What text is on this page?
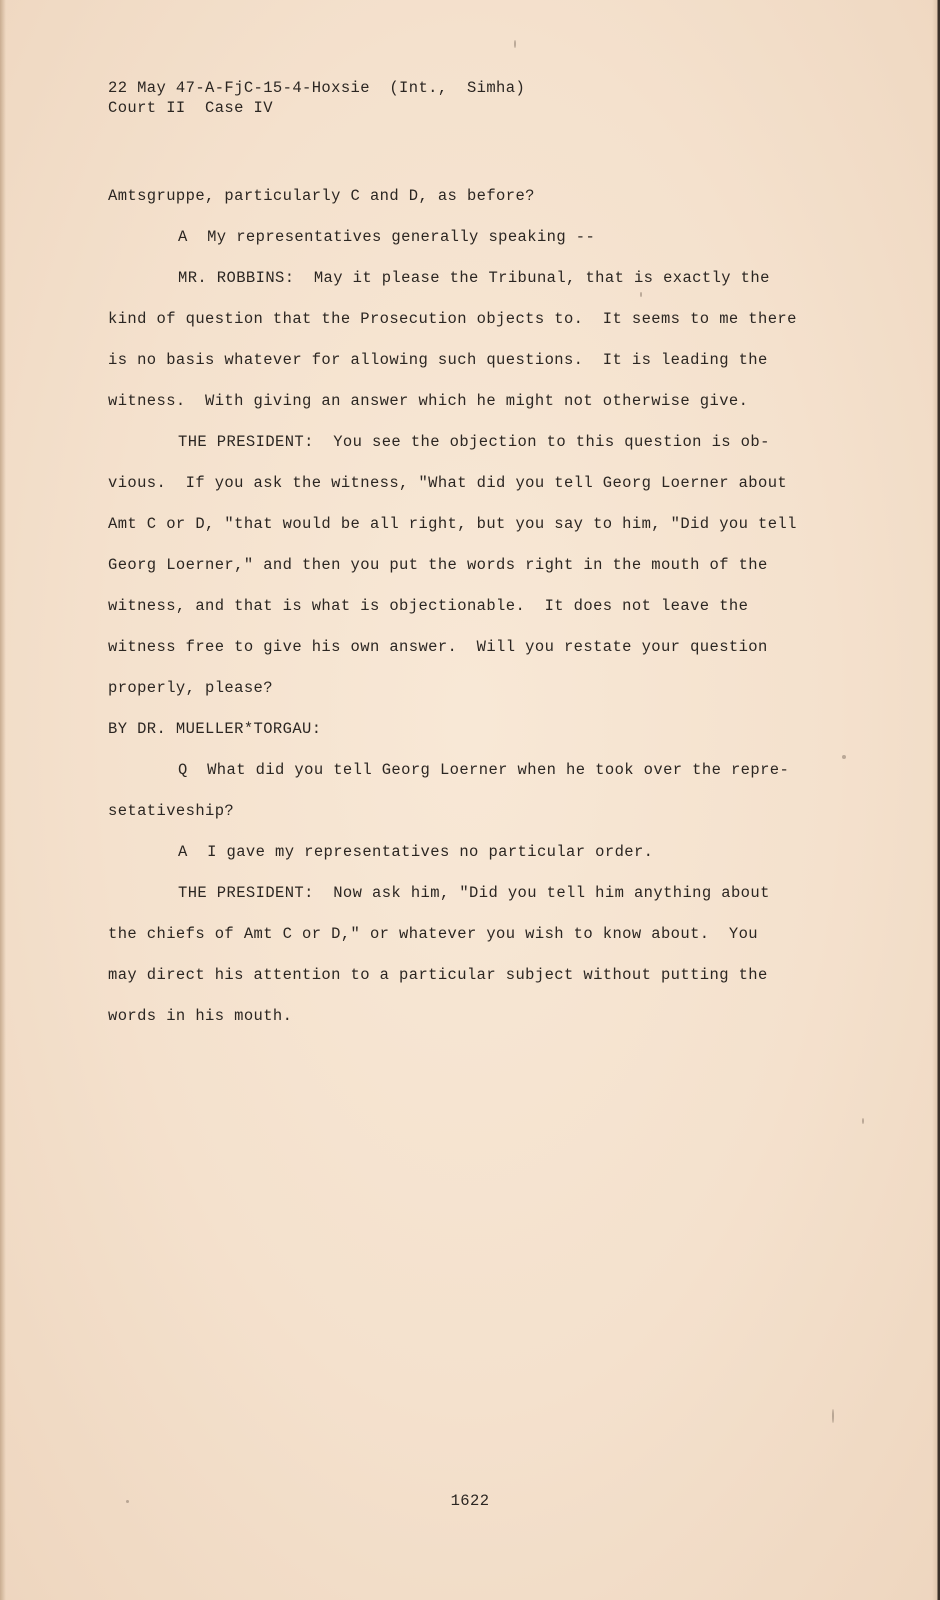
22 May 47-A-FjC-15-4-Hoxsie  (Int.,  Simha)
Court II  Case IV
Amtsgruppe, particularly C and D, as before?
A  My representatives generally speaking --
MR. ROBBINS:  May it please the Tribunal, that is exactly the
kind of question that the Prosecution objects to.  It seems to me there
is no basis whatever for allowing such questions.  It is leading the
witness.  With giving an answer which he might not otherwise give.
THE PRESIDENT:  You see the objection to this question is ob-
vious.  If you ask the witness, "What did you tell Georg Loerner about
Amt C or D, "that would be all right, but you say to him, "Did you tell
Georg Loerner," and then you put the words right in the mouth of the
witness, and that is what is objectionable.  It does not leave the
witness free to give his own answer.  Will you restate your question
properly, please?
BY DR. MUELLER*TORGAU:
Q  What did you tell Georg Loerner when he took over the repre-
setativeship?
A  I gave my representatives no particular order.
THE PRESIDENT:  Now ask him, "Did you tell him anything about
the chiefs of Amt C or D," or whatever you wish to know about.  You
may direct his attention to a particular subject without putting the
words in his mouth.
1622
